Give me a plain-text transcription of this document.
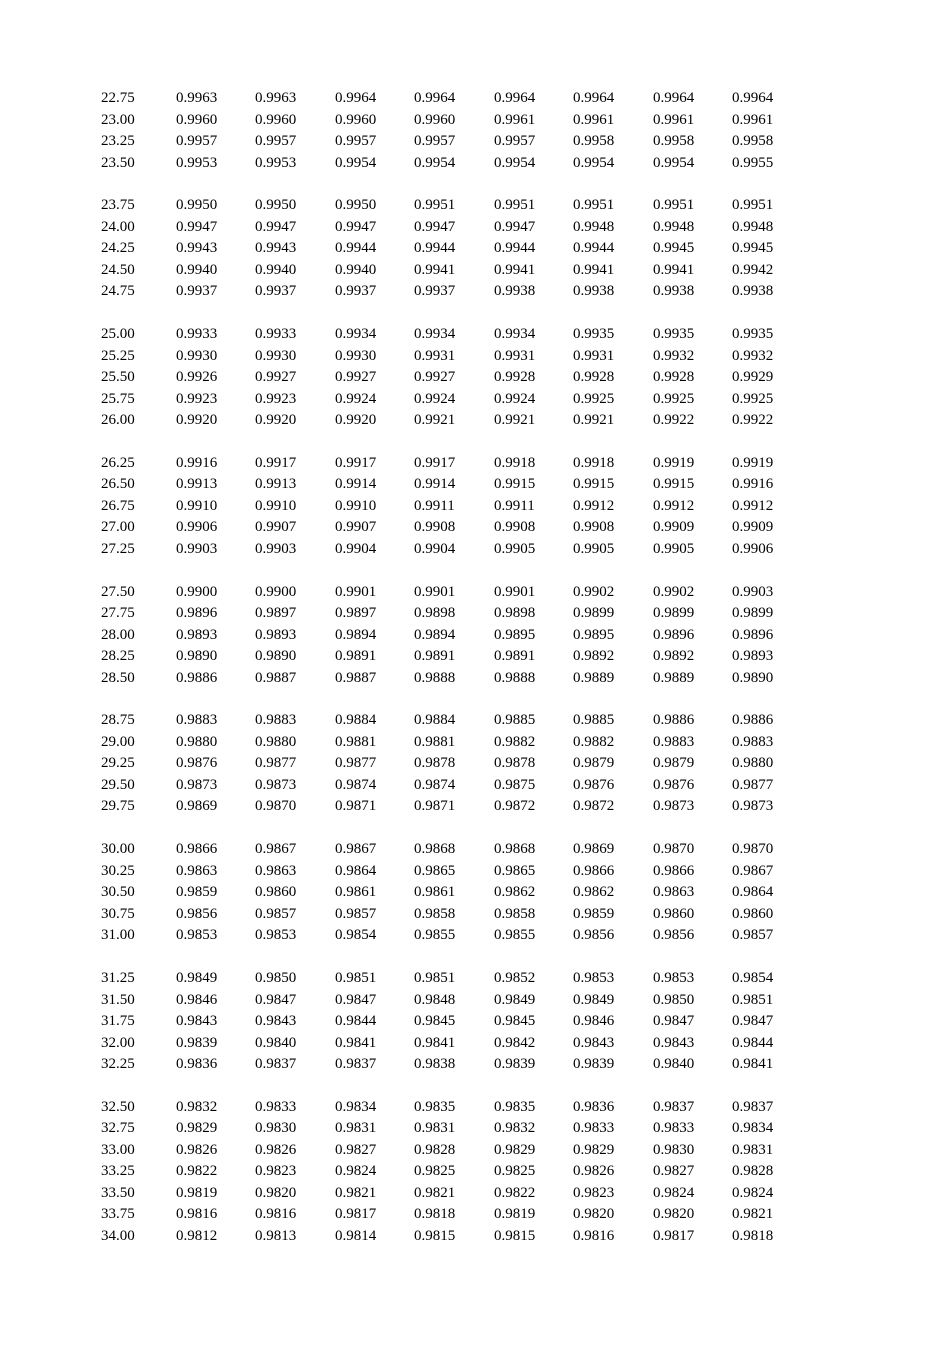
22.75	0.9963	0.9963	0.9964	0.9964	0.9964	0.9964	0.9964	0.9964
23.00	0.9960	0.9960	0.9960	0.9960	0.9961	0.9961	0.9961	0.9961
23.25	0.9957	0.9957	0.9957	0.9957	0.9957	0.9958	0.9958	0.9958
23.50	0.9953	0.9953	0.9954	0.9954	0.9954	0.9954	0.9954	0.9955
23.75	0.9950	0.9950	0.9950	0.9951	0.9951	0.9951	0.9951	0.9951
24.00	0.9947	0.9947	0.9947	0.9947	0.9947	0.9948	0.9948	0.9948
24.25	0.9943	0.9943	0.9944	0.9944	0.9944	0.9944	0.9945	0.9945
24.50	0.9940	0.9940	0.9940	0.9941	0.9941	0.9941	0.9941	0.9942
24.75	0.9937	0.9937	0.9937	0.9937	0.9938	0.9938	0.9938	0.9938
25.00	0.9933	0.9933	0.9934	0.9934	0.9934	0.9935	0.9935	0.9935
25.25	0.9930	0.9930	0.9930	0.9931	0.9931	0.9931	0.9932	0.9932
25.50	0.9926	0.9927	0.9927	0.9927	0.9928	0.9928	0.9928	0.9929
25.75	0.9923	0.9923	0.9924	0.9924	0.9924	0.9925	0.9925	0.9925
26.00	0.9920	0.9920	0.9920	0.9921	0.9921	0.9921	0.9922	0.9922
26.25	0.9916	0.9917	0.9917	0.9917	0.9918	0.9918	0.9919	0.9919
26.50	0.9913	0.9913	0.9914	0.9914	0.9915	0.9915	0.9915	0.9916
26.75	0.9910	0.9910	0.9910	0.9911	0.9911	0.9912	0.9912	0.9912
27.00	0.9906	0.9907	0.9907	0.9908	0.9908	0.9908	0.9909	0.9909
27.25	0.9903	0.9903	0.9904	0.9904	0.9905	0.9905	0.9905	0.9906
27.50	0.9900	0.9900	0.9901	0.9901	0.9901	0.9902	0.9902	0.9903
27.75	0.9896	0.9897	0.9897	0.9898	0.9898	0.9899	0.9899	0.9899
28.00	0.9893	0.9893	0.9894	0.9894	0.9895	0.9895	0.9896	0.9896
28.25	0.9890	0.9890	0.9891	0.9891	0.9891	0.9892	0.9892	0.9893
28.50	0.9886	0.9887	0.9887	0.9888	0.9888	0.9889	0.9889	0.9890
28.75	0.9883	0.9883	0.9884	0.9884	0.9885	0.9885	0.9886	0.9886
29.00	0.9880	0.9880	0.9881	0.9881	0.9882	0.9882	0.9883	0.9883
29.25	0.9876	0.9877	0.9877	0.9878	0.9878	0.9879	0.9879	0.9880
29.50	0.9873	0.9873	0.9874	0.9874	0.9875	0.9876	0.9876	0.9877
29.75	0.9869	0.9870	0.9871	0.9871	0.9872	0.9872	0.9873	0.9873
30.00	0.9866	0.9867	0.9867	0.9868	0.9868	0.9869	0.9870	0.9870
30.25	0.9863	0.9863	0.9864	0.9865	0.9865	0.9866	0.9866	0.9867
30.50	0.9859	0.9860	0.9861	0.9861	0.9862	0.9862	0.9863	0.9864
30.75	0.9856	0.9857	0.9857	0.9858	0.9858	0.9859	0.9860	0.9860
31.00	0.9853	0.9853	0.9854	0.9855	0.9855	0.9856	0.9856	0.9857
31.25	0.9849	0.9850	0.9851	0.9851	0.9852	0.9853	0.9853	0.9854
31.50	0.9846	0.9847	0.9847	0.9848	0.9849	0.9849	0.9850	0.9851
31.75	0.9843	0.9843	0.9844	0.9845	0.9845	0.9846	0.9847	0.9847
32.00	0.9839	0.9840	0.9841	0.9841	0.9842	0.9843	0.9843	0.9844
32.25	0.9836	0.9837	0.9837	0.9838	0.9839	0.9839	0.9840	0.9841
32.50	0.9832	0.9833	0.9834	0.9835	0.9835	0.9836	0.9837	0.9837
32.75	0.9829	0.9830	0.9831	0.9831	0.9832	0.9833	0.9833	0.9834
33.00	0.9826	0.9826	0.9827	0.9828	0.9829	0.9829	0.9830	0.9831
33.25	0.9822	0.9823	0.9824	0.9825	0.9825	0.9826	0.9827	0.9828
33.50	0.9819	0.9820	0.9821	0.9821	0.9822	0.9823	0.9824	0.9824
33.75	0.9816	0.9816	0.9817	0.9818	0.9819	0.9820	0.9820	0.9821
34.00	0.9812	0.9813	0.9814	0.9815	0.9815	0.9816	0.9817	0.9818
